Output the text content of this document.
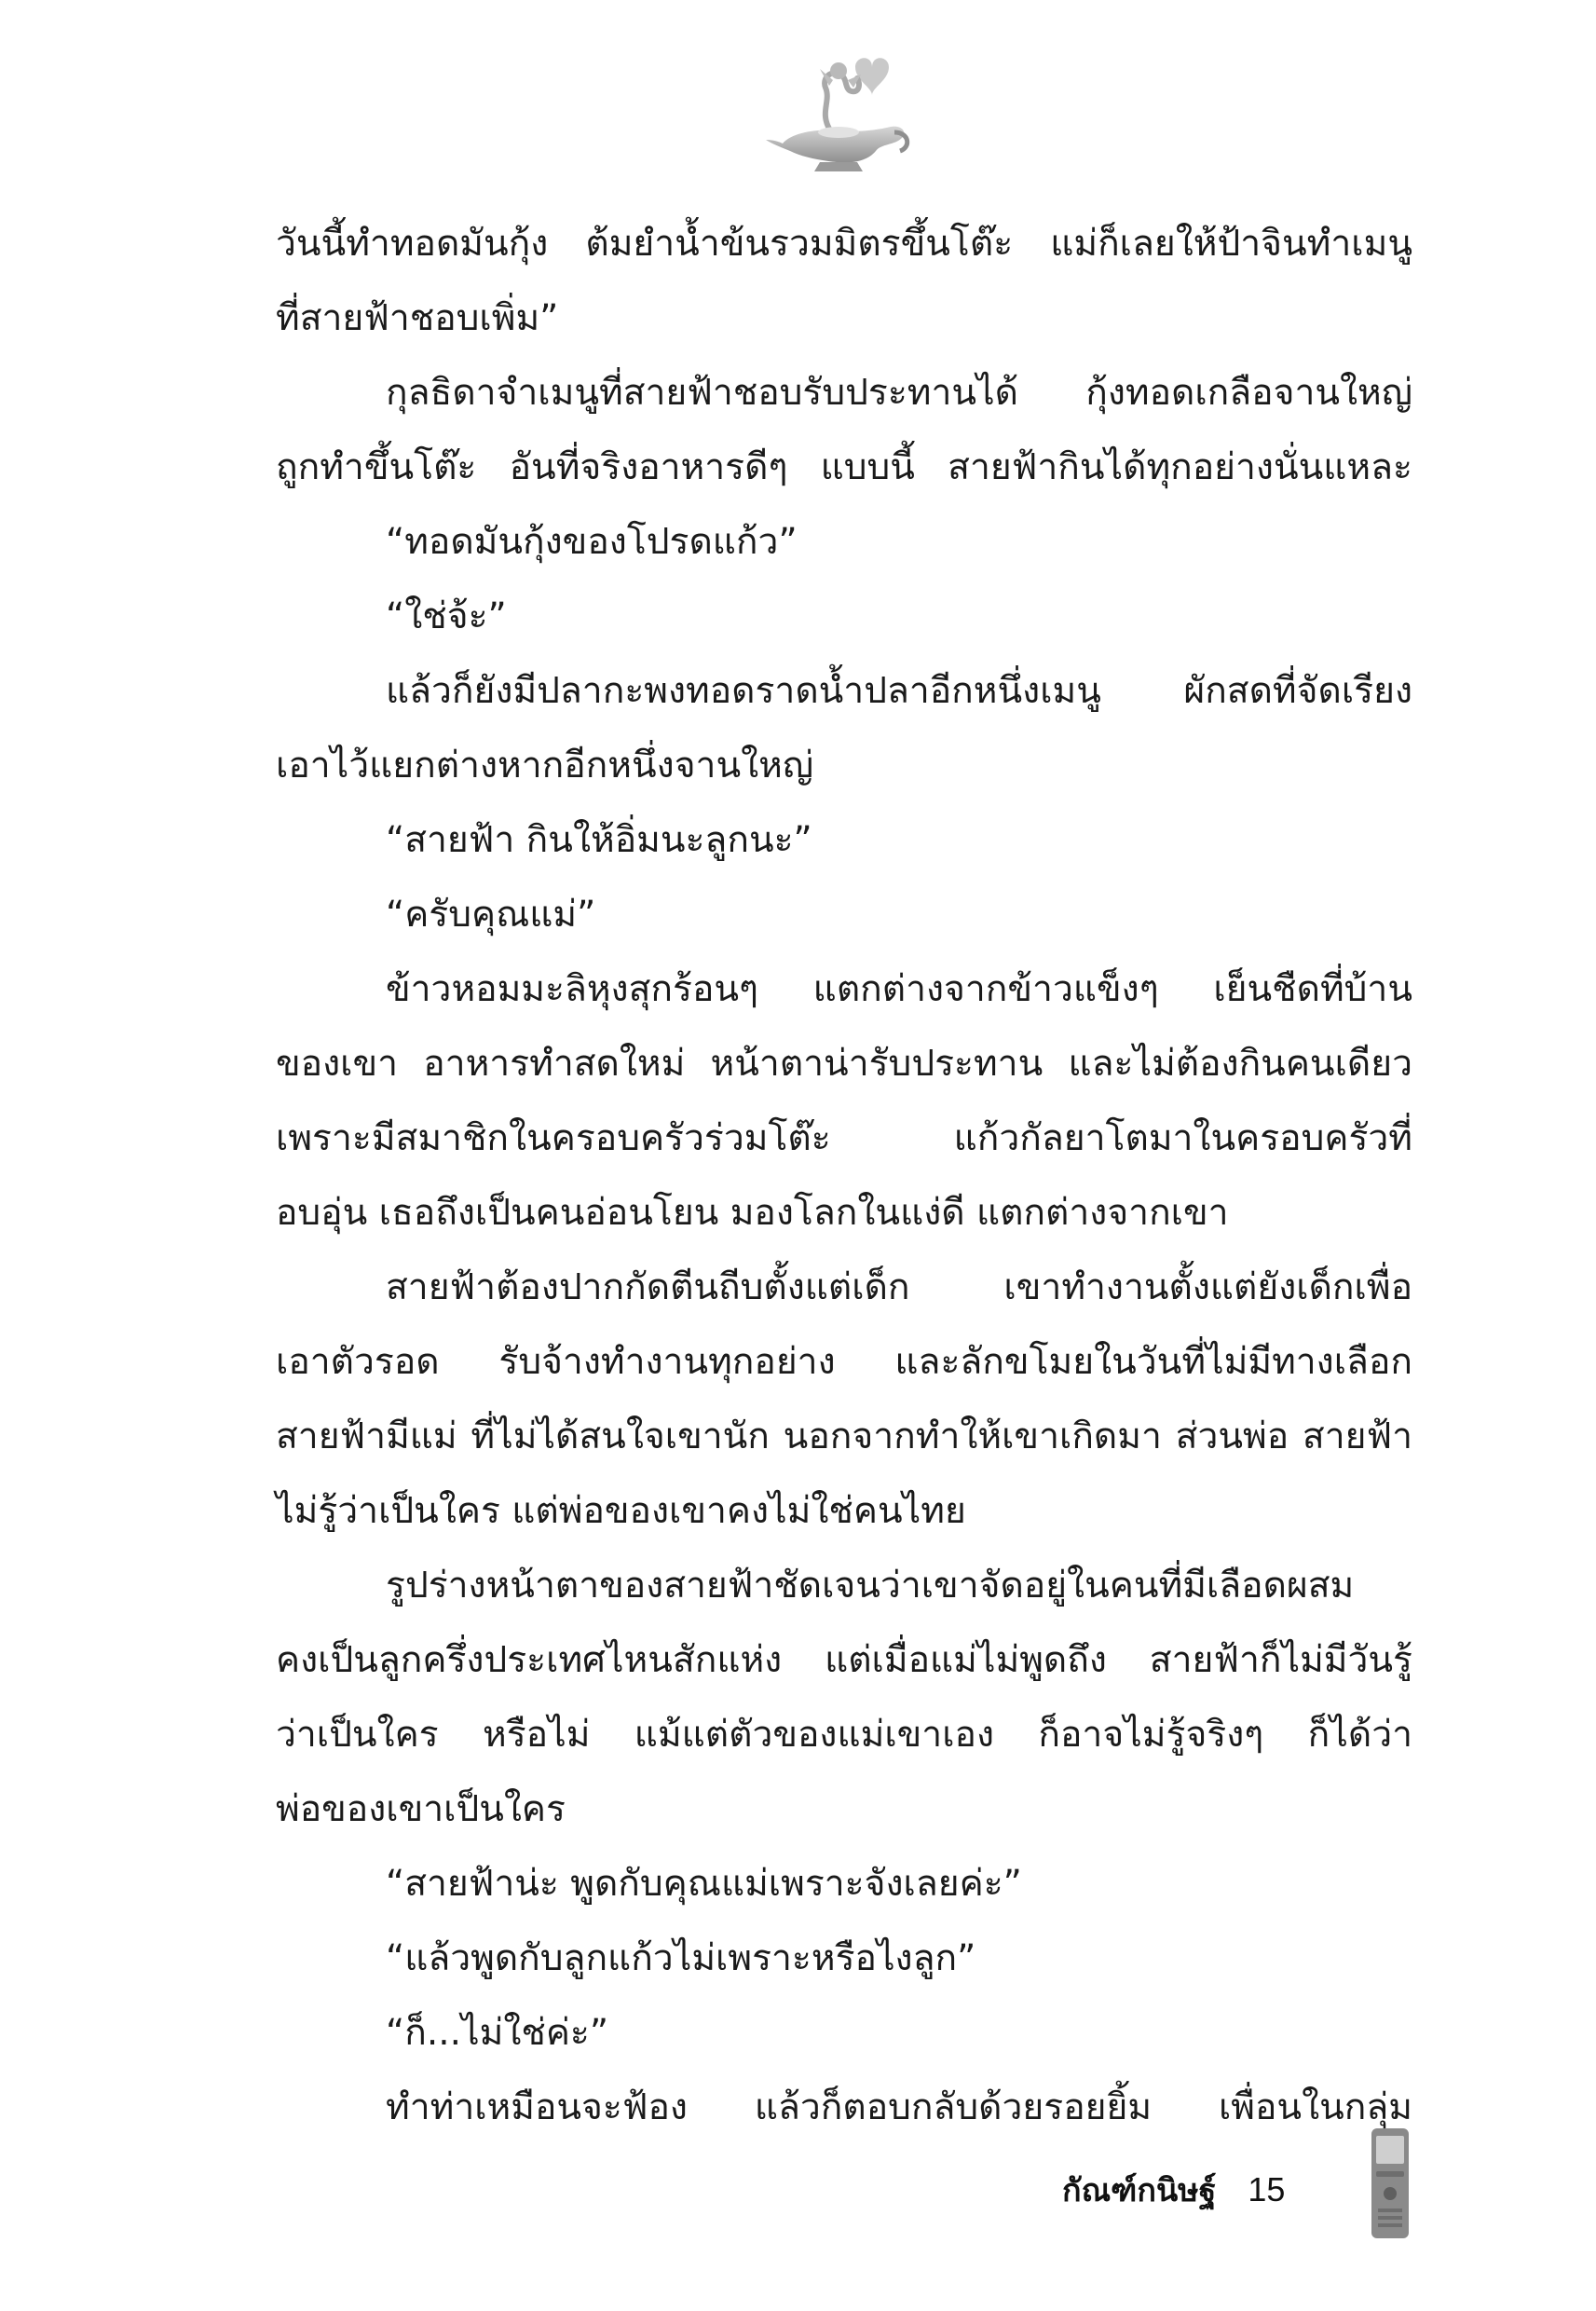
วันนี้ทำทอดมันกุ้ง ต้มยำน้ำข้นรวมมิตรขึ้นโต๊ะ แม่ก็เลยให้ป้าจินทำเมนู
ที่สายฟ้าชอบเพิ่ม”
กุลธิดาจำเมนูที่สายฟ้าชอบรับประทานได้ กุ้งทอดเกลือจานใหญ่
ถูกทำขึ้นโต๊ะ อันที่จริงอาหารดีๆ แบบนี้ สายฟ้ากินได้ทุกอย่างนั่นแหละ
“ทอดมันกุ้งของโปรดแก้ว”
“ใช่จ้ะ”
แล้วก็ยังมีปลากะพงทอดราดน้ำปลาอีกหนึ่งเมนู ผักสดที่จัดเรียง
เอาไว้แยกต่างหากอีกหนึ่งจานใหญ่
“สายฟ้า กินให้อิ่มนะลูกนะ”
“ครับคุณแม่”
ข้าวหอมมะลิหุงสุกร้อนๆ แตกต่างจากข้าวแข็งๆ เย็นชืดที่บ้าน
ของเขา อาหารทำสดใหม่ หน้าตาน่ารับประทาน และไม่ต้องกินคนเดียว
เพราะมีสมาชิกในครอบครัวร่วมโต๊ะ แก้วกัลยาโตมาในครอบครัวที่
อบอุ่น เธอถึงเป็นคนอ่อนโยน มองโลกในแง่ดี แตกต่างจากเขา
สายฟ้าต้องปากกัดตีนถีบตั้งแต่เด็ก เขาทำงานตั้งแต่ยังเด็กเพื่อ
เอาตัวรอด รับจ้างทำงานทุกอย่าง และลักขโมยในวันที่ไม่มีทางเลือก
สายฟ้ามีแม่ ที่ไม่ได้สนใจเขานัก นอกจากทำให้เขาเกิดมา ส่วนพ่อ สายฟ้า
ไม่รู้ว่าเป็นใคร แต่พ่อของเขาคงไม่ใช่คนไทย
รูปร่างหน้าตาของสายฟ้าชัดเจนว่าเขาจัดอยู่ในคนที่มีเลือดผสม
คงเป็นลูกครึ่งประเทศไหนสักแห่ง แต่เมื่อแม่ไม่พูดถึง สายฟ้าก็ไม่มีวันรู้
ว่าเป็นใคร หรือไม่ แม้แต่ตัวของแม่เขาเอง ก็อาจไม่รู้จริงๆ ก็ได้ว่า
พ่อของเขาเป็นใคร
“สายฟ้าน่ะ พูดกับคุณแม่เพราะจังเลยค่ะ”
“แล้วพูดกับลูกแก้วไม่เพราะหรือไงลูก”
“ก็...ไม่ใช่ค่ะ”
ทำท่าเหมือนจะฟ้อง แล้วก็ตอบกลับด้วยรอยยิ้ม เพื่อนในกลุ่ม
กัณฑ์กนิษฐ์ 15
